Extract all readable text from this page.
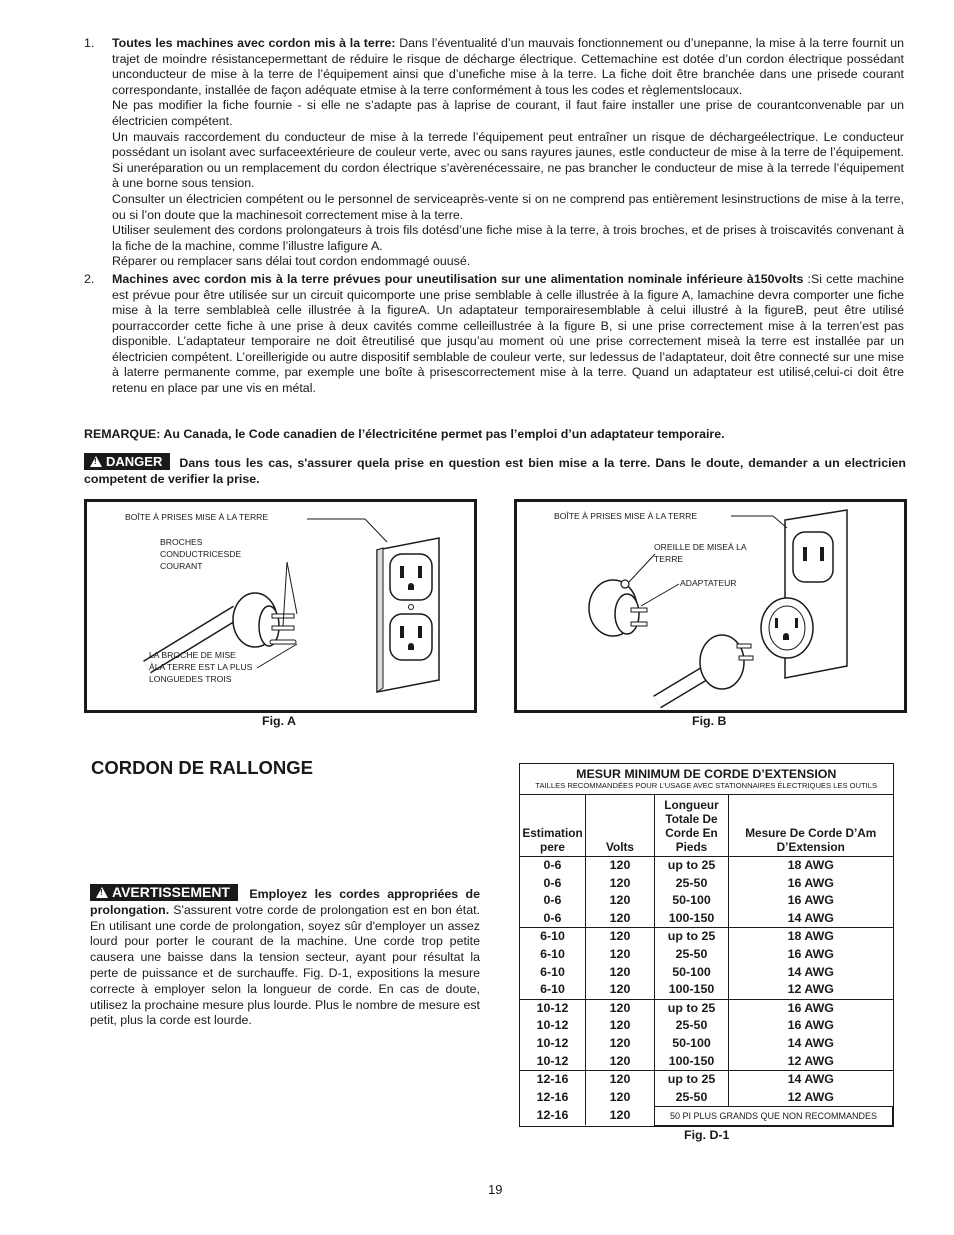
1. Toutes les machines avec cordon mis à la terre: Dans l’éventualité d’un mauvais fonctionnement ou d’unepanne, la mise à la terre fournit un trajet de moindre résistancepermettant de réduire le risque de décharge électrique. Cettemachine est dotée d’un cordon électrique possédant unconducteur de mise à la terre de l’équipement ainsi que d’unefiche mise à la terre. La fiche doit être branchée dans une prisede courant correspondante, installée de façon adéquate etmise à la terre conformément à tous les codes et règlementslocaux.

Ne pas modifier la fiche fournie - si elle ne s’adapte pas à laprise de courant, il faut faire installer une prise de courantconvenable par un électricien compétent.

Un mauvais raccordement du conducteur de mise à la terrede l’équipement peut entraîner un risque de déchargeélectrique. Le conducteur possédant un isolant avec surfaceextérieure de couleur verte, avec ou sans rayures jaunes, estle conducteur de mise à la terre de l’équipement. Si uneréparation ou un remplacement du cordon électrique s’avèrenécessaire, ne pas brancher le conducteur de mise à la terrede l’équipement à une borne sous tension.

Consulter un électricien compétent ou le personnel de serviceaprès-vente si on ne comprend pas entièrement lesinstructions de mise à la terre, ou si l’on doute que la machinesoit correctement mise à la terre.

Utiliser seulement des cordons prolongateurs à trois fils dotésd’une fiche mise à la terre, à trois broches, et de prises à troiscavités convenant à la fiche de la machine, comme l’illustre lafigure A.

Réparer ou remplacer sans délai tout cordon endommagé ouusé.

2. Machines avec cordon mis à la terre prévues pour uneutilisation sur une alimentation nominale inférieure à150volts :Si cette machine est prévue pour être utilisée sur un circuit quicomporte une prise semblable à celle illustrée à la figure A, lamachine devra comporter une fiche mise à la terre semblableà celle illustrée à la figureA. Un adaptateur temporairesemblable à celui illustré à la figureB, peut être utilisé pourraccorder cette fiche à une prise à deux cavités comme celleillustrée à la figure B, si une prise correctement mise à la terren’est pas disponible. L’adaptateur temporaire ne doit êtreutilisé que jusqu’au moment où une prise correctement miseà la terre est installée par un électricien compétent. L’oreillerigide ou autre dispositif semblable de couleur verte, sur ledessus de l’adaptateur, doit être connecté sur une mise à laterre permanente comme, par exemple une boîte à prisescorrectement mise à la terre. Quand un adaptateur est utilisé,celui-ci doit être retenu en place par une vis en métal.

REMARQUE: Au Canada, le Code canadien de l’électriciténe permet pas l’emploi d’un adaptateur temporaire.
!DANGER Dans tous les cas, s'assurer quela prise en question est bien mise a la terre. Dans le doute, demander a un electricien competent de verifier la prise.
BOÎTE À PRISES MISE À LA TERRE
BROCHES
CONDUCTRICESDE
COURANT
LA BROCHE DE MISE
ÀLA TERRE EST LA PLUS
LONGUEDES TROIS
Fig. A
BOÎTE À PRISES MISE À LA TERRE
OREILLE DE MISEÀ LA
TERRE
ADAPTATEUR
Fig. B
CORDON DE RALLONGE
!AVERTISSEMENT Employez les cordes appropriées de prolongation. S'assurent votre corde de prolongation est en bon état. En utilisant une corde de prolongation, soyez sûr d'employer un assez lourd pour porter le courant de la machine. Une corde trop petite causera une baisse dans la tension secteur, ayant pour résultat la perte de puissance et de surchauffe. Fig. D-1, expositions la mesure correcte à employer selon la longueur de corde. En cas de doute, utilisez la prochaine mesure plus lourde. Plus le nombre de mesure est petit, plus la corde est lourde.
MESUR MINIMUM DE CORDE D’EXTENSION			
TAILLES RECOMMANDÉES POUR L’USAGE AVEC STATIONNAIRES ÉLECTRIQUES LES OUTILS			
Estimation
pere	Volts	Longueur
Totale De
Corde En
Pieds	Mesure De Corde D’Am
D’Extension
0-6	120	up to 25	18 AWG
0-6	120	25-50	16 AWG
0-6	120	50-100	16 AWG
0-6	120	100-150	14 AWG
6-10	120	up to 25	18 AWG
6-10	120	25-50	16 AWG
6-10	120	50-100	14 AWG
6-10	120	100-150	12 AWG
10-12	120	up to 25	16 AWG
10-12	120	25-50	16 AWG
10-12	120	50-100	14 AWG
10-12	120	100-150	12 AWG
12-16	120	up to 25	14 AWG
12-16	120	25-50	12 AWG
12-16	120	50 PI PLUS GRANDS QUE NON RECOMMANDES	
Fig. D-1
19
